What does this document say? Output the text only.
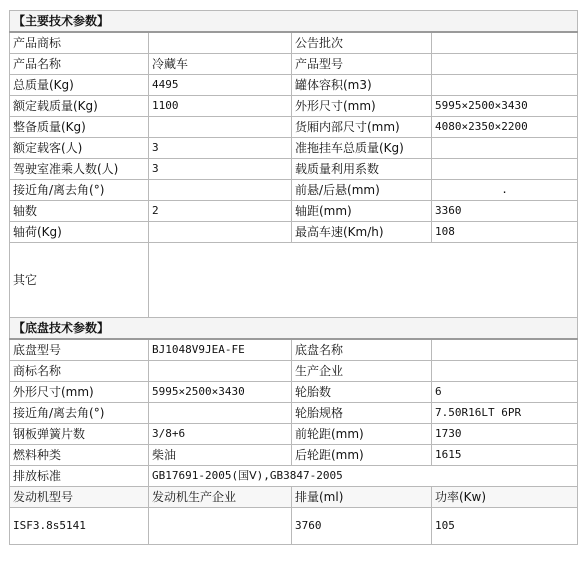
【主要技术参数】			
产品商标		公告批次	
产品名称	冷藏车	产品型号	
总质量(Kg)	4495	罐体容积(m3)	
额定载质量(Kg)	1100	外形尺寸(mm)	5995×2500×3430
整备质量(Kg)		货厢内部尺寸(mm)	4080×2350×2200
额定载客(人)	3	准拖挂车总质量(Kg)	
驾驶室准乘人数(人)	3	载质量利用系数	
接近角/离去角(°)		前悬/后悬(mm)	.
轴数	2	轴距(mm)	3360
轴荷(Kg)		最高车速(Km/h)	108
其它			
【底盘技术参数】			
底盘型号	BJ1048V9JEA-FE	底盘名称	
商标名称		生产企业	
外形尺寸(mm)	5995×2500×3430	轮胎数	6
接近角/离去角(°)		轮胎规格	7.50R16LT 6PR
钢板弹簧片数	3/8+6	前轮距(mm)	1730
燃料种类	柴油	后轮距(mm)	1615
排放标准	GB17691-2005(国Ⅴ),GB3847-2005		
发动机型号	发动机生产企业	排量(ml)	功率(Kw)
ISF3.8s5141		3760	105
